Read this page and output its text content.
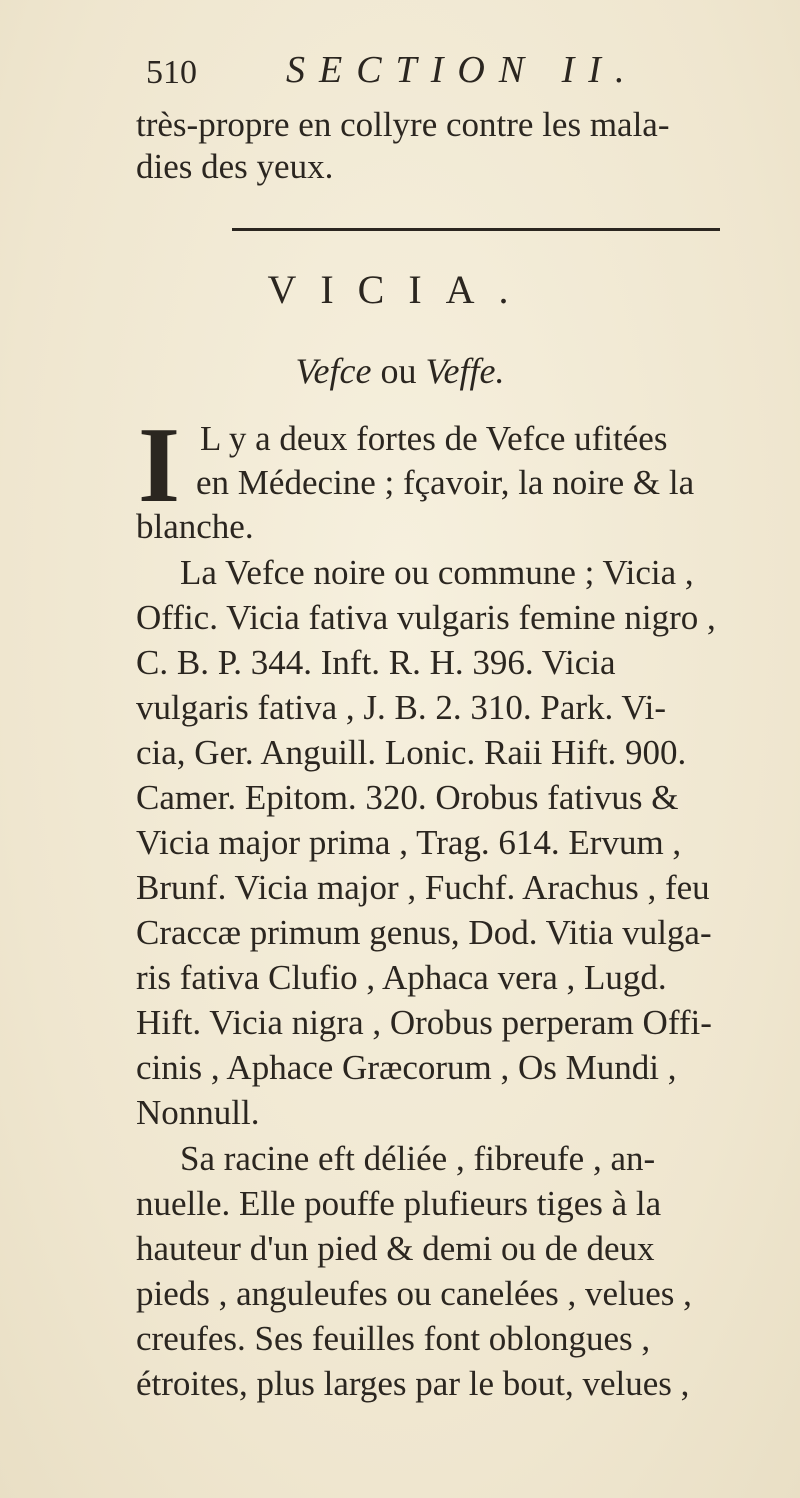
510 SECTION II.
très-propre en collyre contre les mala-
dies des yeux.
VICIA.
Vefce ou Veffe.
I L y a deux fortes de Vefce ufitées
en Médecine ; fçavoir, la noire & la
blanche.
La Vefce noire ou commune ; Vicia ,
Offic. Vicia fativa vulgaris femine nigro ,
C. B. P. 344. Inft. R. H. 396. Vicia
vulgaris fativa , J. B. 2. 310. Park. Vi-
cia, Ger. Anguill. Lonic. Raii Hift. 900.
Camer. Epitom. 320. Orobus fativus &
Vicia major prima , Trag. 614. Ervum ,
Brunf. Vicia major , Fuchf. Arachus , feu
Craccæ primum genus, Dod. Vitia vulga-
ris fativa Clufio , Aphaca vera , Lugd.
Hift. Vicia nigra , Orobus perperam Offi-
cinis , Aphace Græcorum , Os Mundi ,
Nonnull.
Sa racine eft déliée , fibreufe , an-
nuelle. Elle pouffe plufieurs tiges à la
hauteur d'un pied & demi ou de deux
pieds , anguleufes ou canelées , velues ,
creufes. Ses feuilles font oblongues ,
étroites, plus larges par le bout, velues ,
